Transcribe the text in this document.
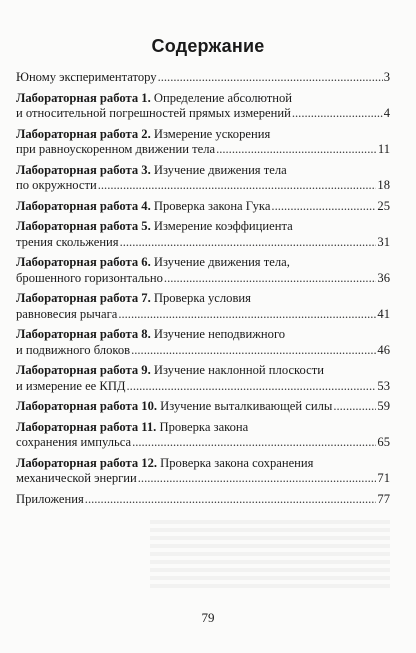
Содержание
Юному экспериментатору .....	3
Лабораторная работа 1. Определение абсолютной
и относительной погрешностей прямых измерений .....	4
Лабораторная работа 2. Измерение ускорения
при равноускоренном движении тела .....	11
Лабораторная работа 3. Изучение движения тела
по окружности .....	18
Лабораторная работа 4. Проверка закона Гука .....	25
Лабораторная работа 5. Измерение коэффициента
трения скольжения .....	31
Лабораторная работа 6. Изучение движения тела,
брошенного горизонтально .....	36
Лабораторная работа 7. Проверка условия
равновесия рычага .....	41
Лабораторная работа 8. Изучение неподвижного
и подвижного блоков .....	46
Лабораторная работа 9. Изучение наклонной плоскости
и измерение ее КПД .....	53
Лабораторная работа 10. Изучение выталкивающей силы .....	59
Лабораторная работа 11. Проверка закона
сохранения импульса .....	65
Лабораторная работа 12. Проверка закона сохранения
механической энергии .....	71
Приложения .....	77
79
